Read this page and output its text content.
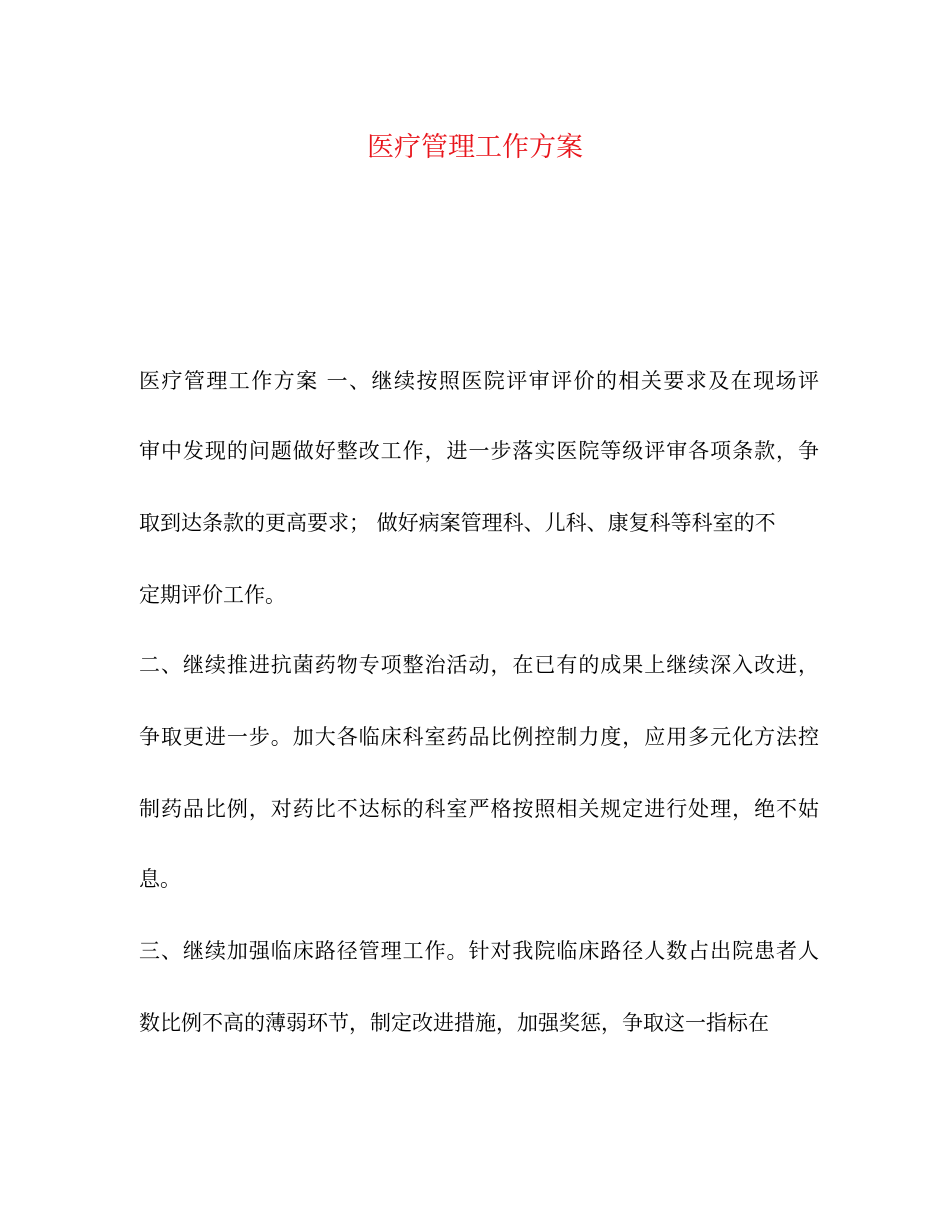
医疗管理工作方案

医疗管理工作方案 一、继续按照医院评审评价的相关要求及在现场评

审中发现的问题做好整改工作，进一步落实医院等级评审各项条款，争

取到达条款的更高要求； 做好病案管理科、儿科、康复科等科室的不

定期评价工作。

二、继续推进抗菌药物专项整治活动，在已有的成果上继续深入改进，

争取更进一步。加大各临床科室药品比例控制力度，应用多元化方法控

制药品比例，对药比不达标的科室严格按照相关规定进行处理，绝不姑

息。

三、继续加强临床路径管理工作。针对我院临床路径人数占出院患者人

数比例不高的薄弱环节，制定改进措施，加强奖惩，争取这一指标在
